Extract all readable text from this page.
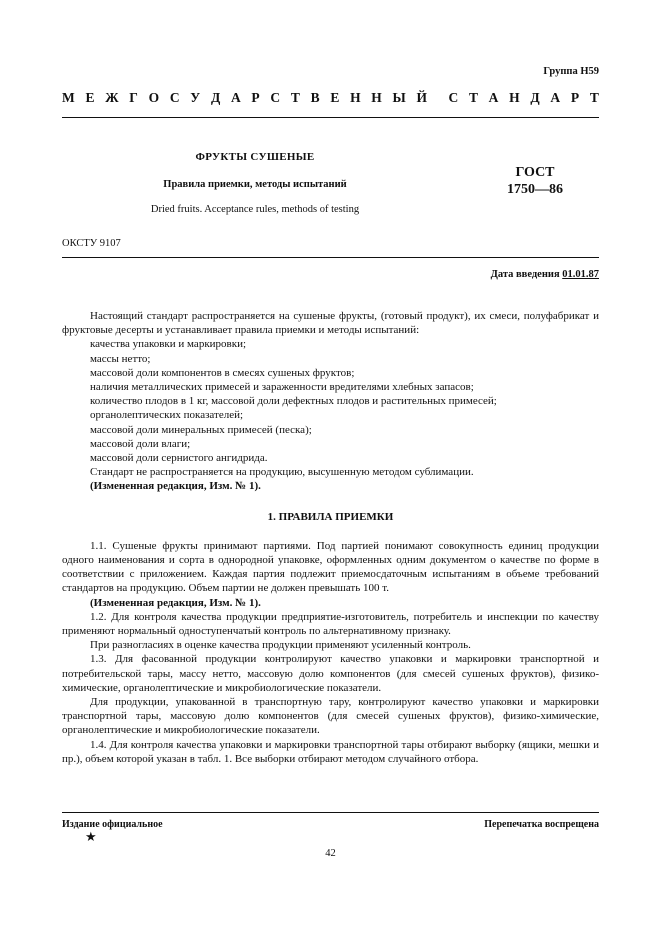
Группа Н59
М Е Ж Г О С У Д А Р С Т В Е Н Н Ы Й С Т А Н Д А Р Т
ФРУКТЫ СУШЕНЫЕ
Правила приемки, методы испытаний
Dried fruits. Acceptance rules, methods of testing
ГОСТ
1750—86
ОКСТУ 9107
Дата введения 01.01.87

Настоящий стандарт распространяется на сушеные фрукты, (готовый продукт), их смеси, полуфабрикат и фруктовые десерты и устанавливает правила приемки и методы испытаний:

качества упаковки и маркировки;

массы нетто;

массовой доли компонентов в смесях сушеных фруктов;

наличия металлических примесей и зараженности вредителями хлебных запасов;

количество плодов в 1 кг, массовой доли дефектных плодов и растительных примесей;

органолептических показателей;

массовой доли минеральных примесей (песка);

массовой доли влаги;

массовой доли сернистого ангидрида.

Стандарт не распространяется на продукцию, высушенную методом сублимации.

(Измененная редакция, Изм. № 1).

1. ПРАВИЛА ПРИЕМКИ

1.1. Сушеные фрукты принимают партиями. Под партией понимают совокупность единиц продукции одного наименования и сорта в однородной упаковке, оформленных одним документом о качестве по форме в соответствии с приложением. Каждая партия подлежит приемосдаточным испытаниям в объеме требований стандартов на продукцию. Объем партии не должен превышать 100 т.

(Измененная редакция, Изм. № 1).

1.2. Для контроля качества продукции предприятие-изготовитель, потребитель и инспекции по качеству применяют нормальный одноступенчатый контроль по альтернативному признаку.

При разногласиях в оценке качества продукции применяют усиленный контроль.

1.3. Для фасованной продукции контролируют качество упаковки и маркировки транспортной и потребительской тары, массу нетто, массовую долю компонентов (для смесей сушеных фруктов), физико-химические, органолептические и микробиологические показатели.

Для продукции, упакованной в транспортную тару, контролируют качество упаковки и маркировки транспортной тары, массовую долю компонентов (для смесей сушеных фруктов), физико-химические, органолептические и микробиологические показатели.

1.4. Для контроля качества упаковки и маркировки транспортной тары отбирают выборку (ящики, мешки и пр.), объем которой указан в табл. 1. Все выборки отбирают методом случайного отбора.

Издание официальное	Перепечатка воспрещена
★
42
